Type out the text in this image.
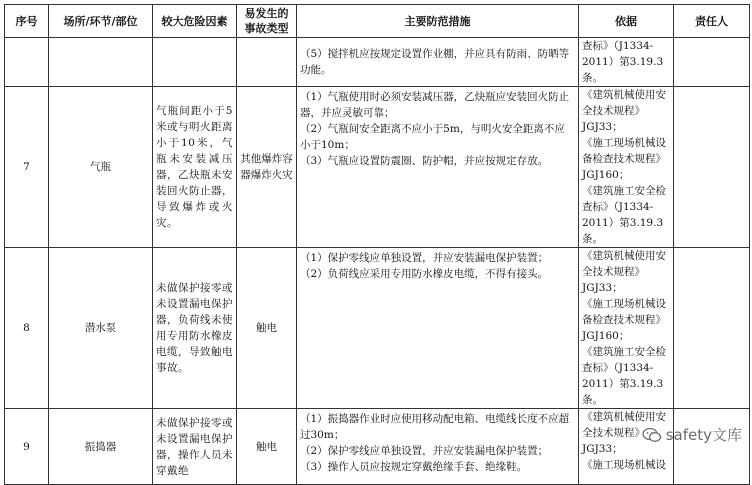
序号	场所/环节/部位	较大危险因素	易发生的事故类型	主要防范措施	依据	责任人
				（5）搅拌机应按规定设置作业棚，并应具有防雨、防晒等功能。	查标》（J1334-2011）第3.19.3条。	
7	气瓶	气瓶间距小于5米或与明火距离小于10米，气瓶未安装减压器，乙炔瓶未安装回火防止器，导致爆炸或火灾。	其他爆炸容器爆炸火灾	（1）气瓶使用时必须安装减压器，乙炔瓶应安装回火防止器，并应灵敏可靠；
（2）气瓶间安全距离不应小于5m，与明火安全距离不应小于10m；
（3）气瓶应设置防震圈、防护帽，并应按规定存放。	《建筑机械使用安全技术规程》JGJ33；
《施工现场机械设备检查技术规程》JGJ160；
《建筑施工安全检查标》（J1334-2011）第3.19.3条。	

8	潜水泵	未做保护接零或未设置漏电保护器，负荷线未使用专用防水橡皮电缆，导致触电事故。	触电	（1）保护零线应单独设置，并应安装漏电保护装置；
（2）负荷线应采用专用防水橡皮电缆，不得有接头。	《建筑机械使用安全技术规程》JGJ33；
《施工现场机械设备检查技术规程》JGJ160；
《建筑施工安全检查标》（J1334-2011）第3.19.3条。	

9	振捣器	未做保护接零或未设置漏电保护器，操作人员未穿戴绝	触电	（1）振捣器作业时应使用移动配电箱、电缆线长度不应超过30m；
（2）保护零线应单独设置，并应安装漏电保护装置；
（3）操作人员应按规定穿戴绝缘手套、绝缘鞋。	《建筑机械使用安全技术规程》JGJ33；
《施工现场机械设	
	safety文库
